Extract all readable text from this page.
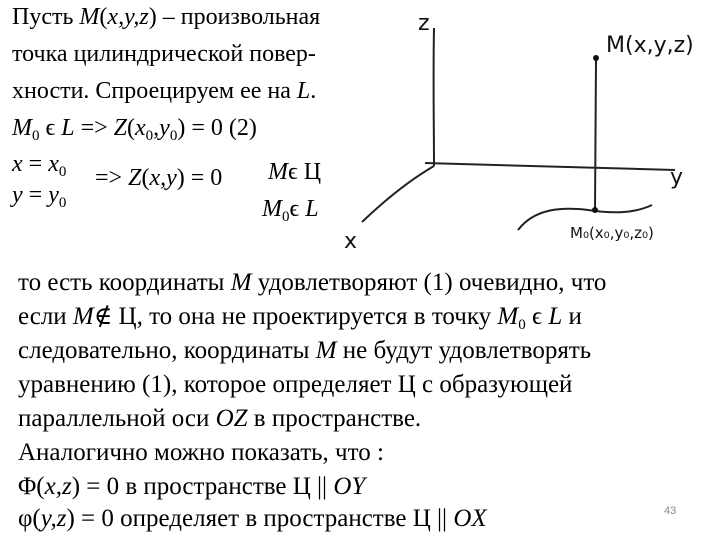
Пусть M(x,y,z) – произвольная
точка цилиндрической повер-
хности. Спроецируем ее на L.
$M_0$ ϵ $L => Z(x_0,y_0) = 0$ (2)
$x = x_0$
$y = y_0$
=> Z(x,y) = 0 Mϵ Ц
$M_0\epsilon$ L
z
y
x
M(x,y,z)
M₀(x₀,y₀,z₀)
то есть координаты M удовлетворяют (1) очевидно, что
если M∉ Ц, то она не проектируется в точку $M_0$ ϵ L и
следовательно, координаты M не будут удовлетворять
уравнению (1), которое определяет Ц с образующей
параллельной оси OZ в пространстве.
Аналогично можно показать, что :
Φ(x,z) = 0 в пространстве Ц || OY
φ(y,z) = 0 определяет в пространстве Ц || OX	43
